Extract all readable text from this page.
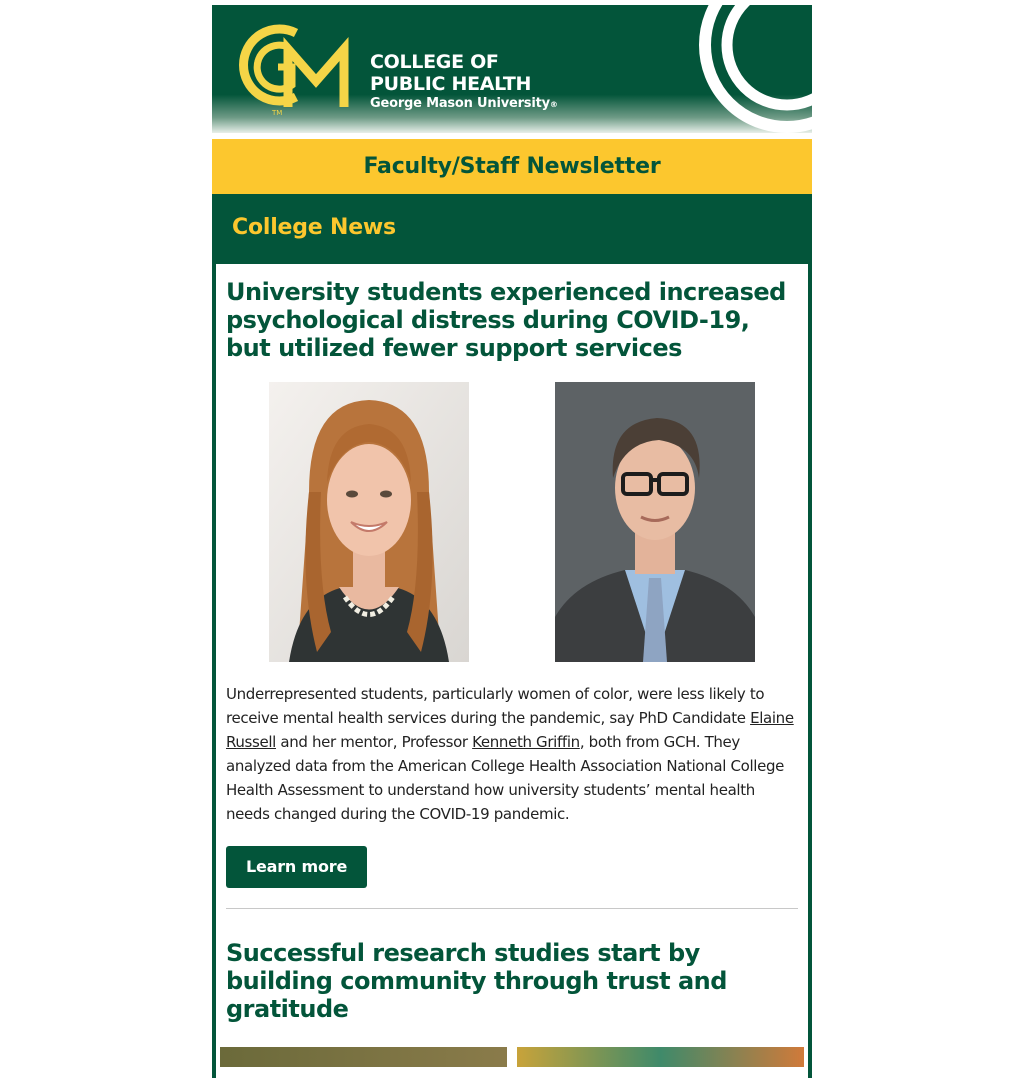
TM
COLLEGE OF
PUBLIC HEALTH
George Mason University®
Faculty/Staff Newsletter
College News
University students experienced increased psychological distress during COVID-19, but utilized fewer support services

Underrepresented students, particularly women of color, were less likely to receive mental health services during the pandemic, say PhD Candidate Elaine Russell and her mentor, Professor Kenneth Griffin, both from GCH. They analyzed data from the American College Health Association National College Health Assessment to understand how university students’ mental health needs changed during the COVID-19 pandemic.

Learn more
Successful research studies start by building community through trust and gratitude
